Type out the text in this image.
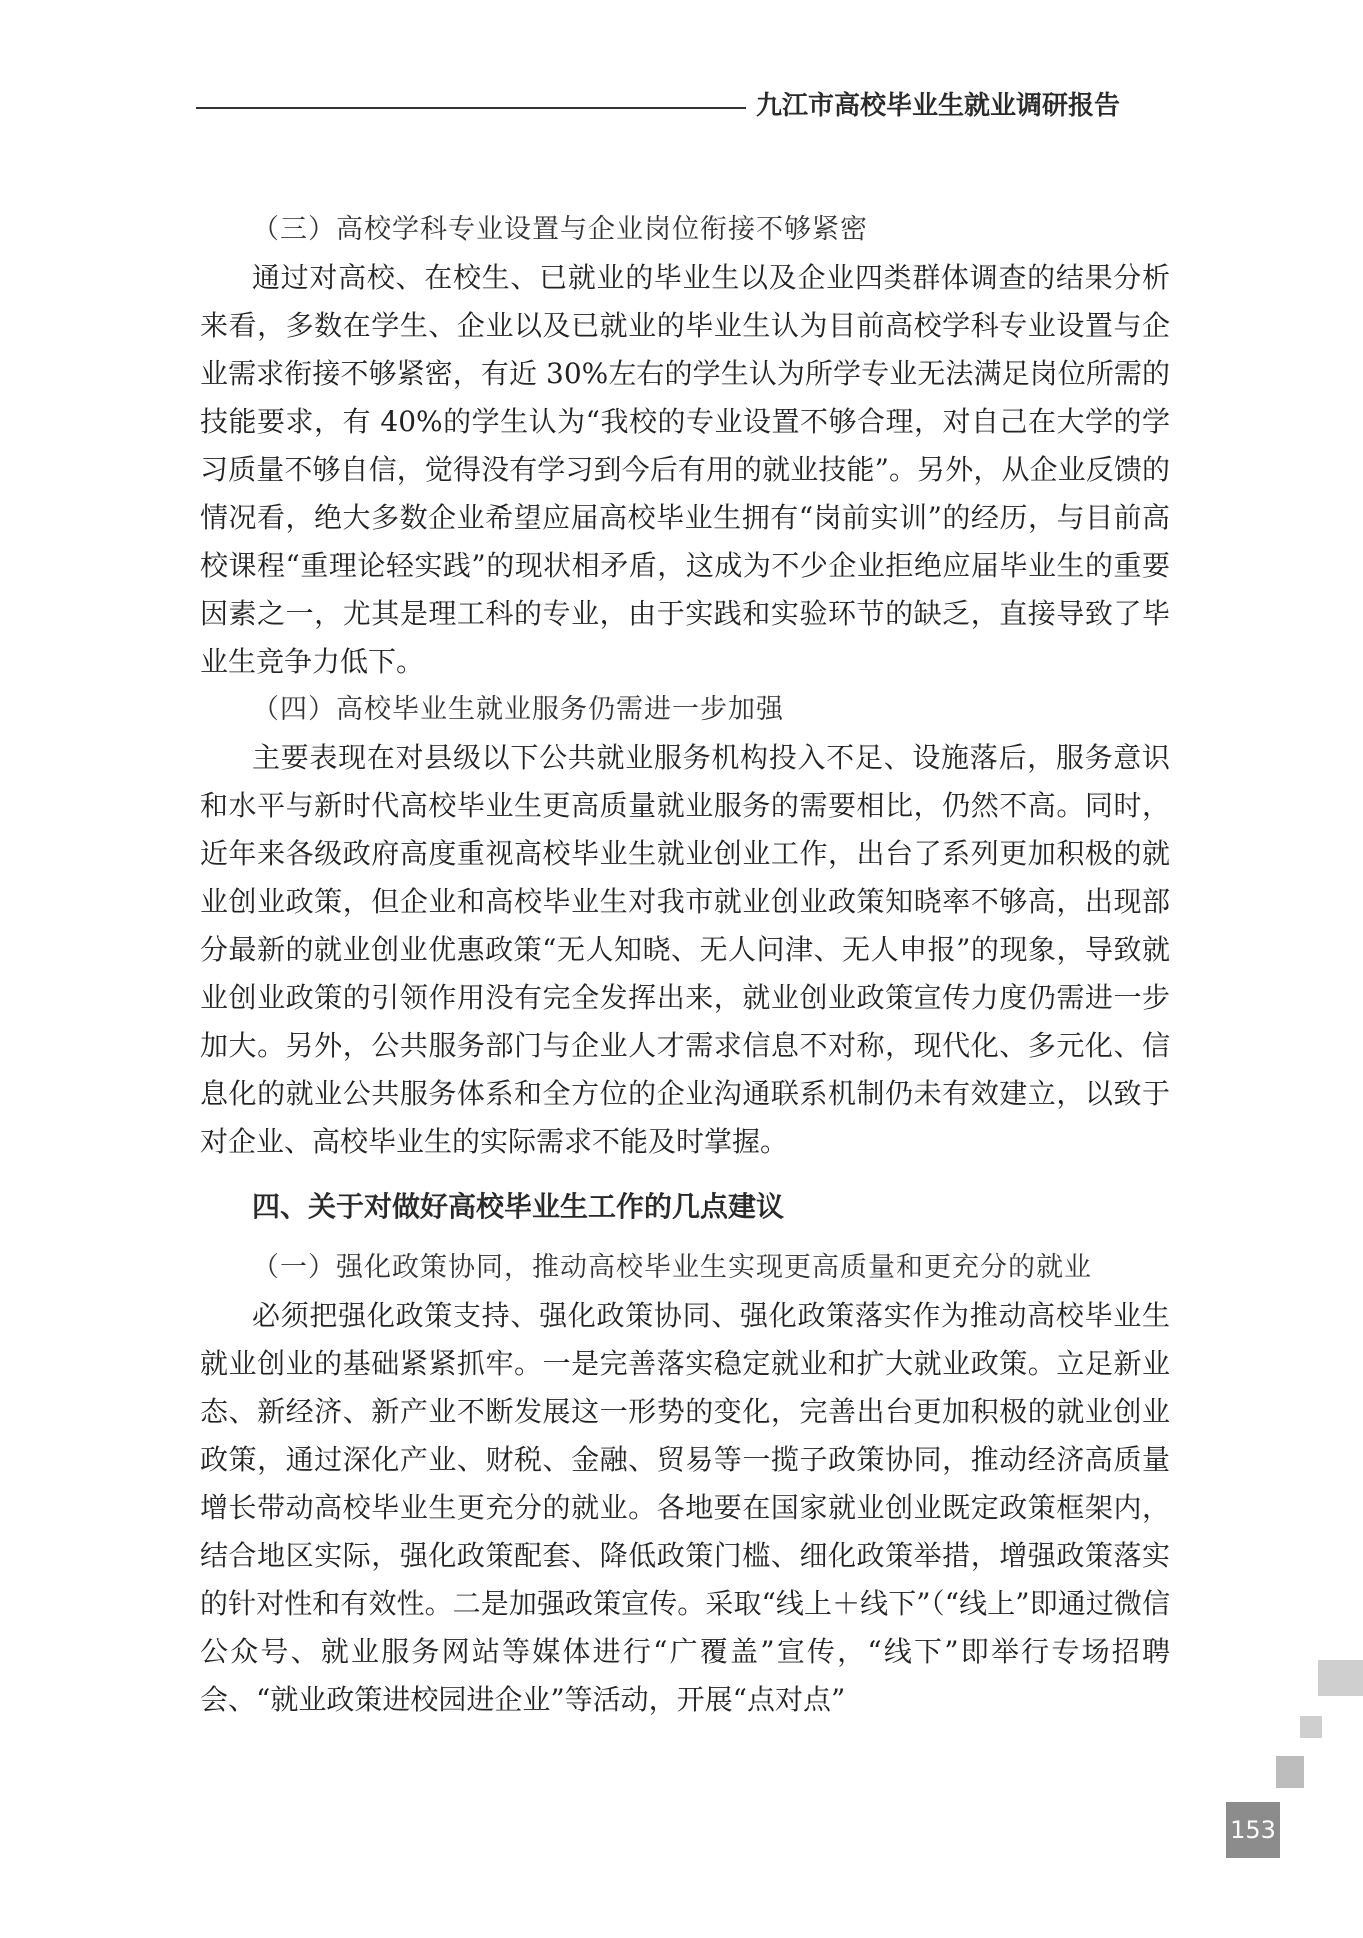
九江市高校毕业生就业调研报告

（三）高校学科专业设置与企业岗位衔接不够紧密

通过对高校、在校生、已就业的毕业生以及企业四类群体调查的结果分析来看，多数在学生、企业以及已就业的毕业生认为目前高校学科专业设置与企业需求衔接不够紧密，有近 30%左右的学生认为所学专业无法满足岗位所需的技能要求，有 40%的学生认为“我校的专业设置不够合理，对自己在大学的学习质量不够自信，觉得没有学习到今后有用的就业技能”。另外，从企业反馈的情况看，绝大多数企业希望应届高校毕业生拥有“岗前实训”的经历，与目前高校课程“重理论轻实践”的现状相矛盾，这成为不少企业拒绝应届毕业生的重要因素之一，尤其是理工科的专业，由于实践和实验环节的缺乏，直接导致了毕业生竞争力低下。

（四）高校毕业生就业服务仍需进一步加强

主要表现在对县级以下公共就业服务机构投入不足、设施落后，服务意识和水平与新时代高校毕业生更高质量就业服务的需要相比，仍然不高。同时，近年来各级政府高度重视高校毕业生就业创业工作，出台了系列更加积极的就业创业政策，但企业和高校毕业生对我市就业创业政策知晓率不够高，出现部分最新的就业创业优惠政策“无人知晓、无人问津、无人申报”的现象，导致就业创业政策的引领作用没有完全发挥出来，就业创业政策宣传力度仍需进一步加大。另外，公共服务部门与企业人才需求信息不对称，现代化、多元化、信息化的就业公共服务体系和全方位的企业沟通联系机制仍未有效建立，以致于对企业、高校毕业生的实际需求不能及时掌握。

四、关于对做好高校毕业生工作的几点建议

（一）强化政策协同，推动高校毕业生实现更高质量和更充分的就业

必须把强化政策支持、强化政策协同、强化政策落实作为推动高校毕业生就业创业的基础紧紧抓牢。一是完善落实稳定就业和扩大就业政策。立足新业态、新经济、新产业不断发展这一形势的变化，完善出台更加积极的就业创业政策，通过深化产业、财税、金融、贸易等一揽子政策协同，推动经济高质量增长带动高校毕业生更充分的就业。各地要在国家就业创业既定政策框架内，结合地区实际，强化政策配套、降低政策门槛、细化政策举措，增强政策落实的针对性和有效性。二是加强政策宣传。采取“线上＋线下”（“线上”即通过微信公众号、就业服务网站等媒体进行“广覆盖”宣传，“线下”即举行专场招聘会、“就业政策进校园进企业”等活动，开展“点对点”

153
